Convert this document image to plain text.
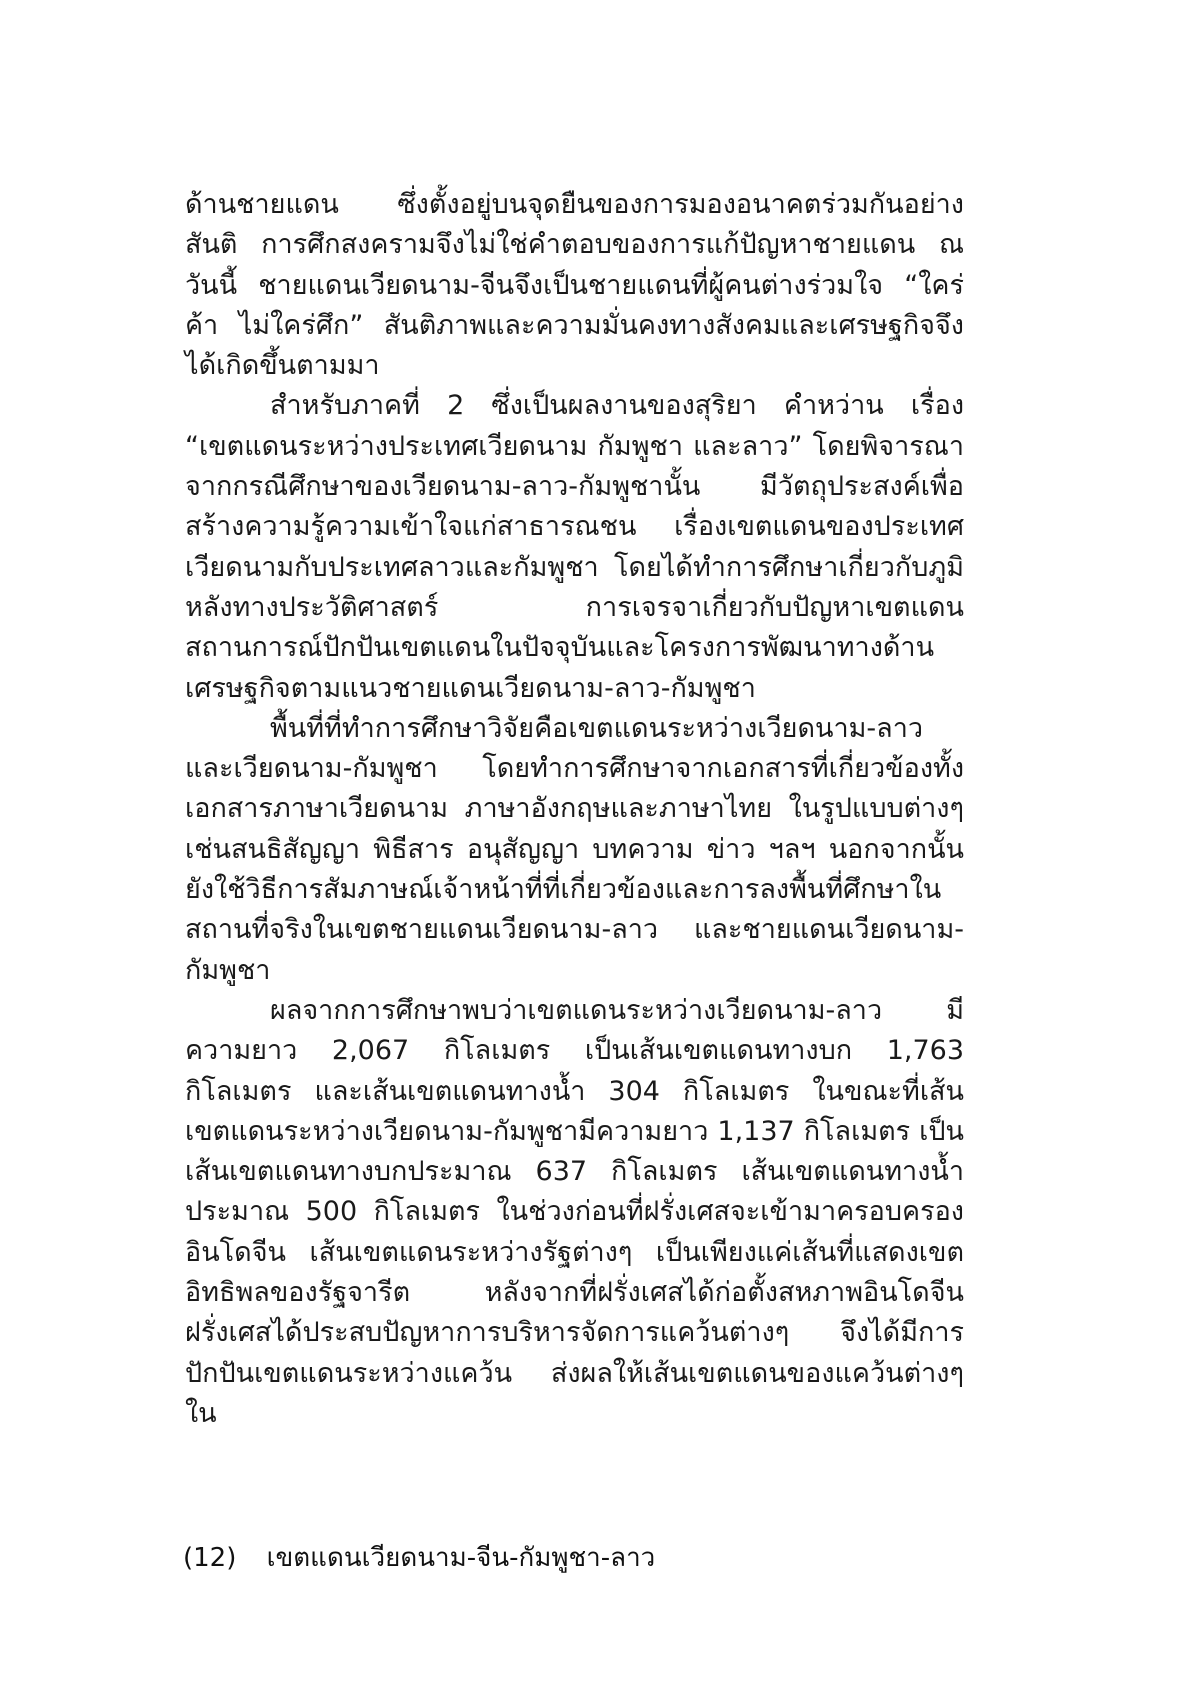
ด้านชายแดน ซึ่งตั้งอยู่บนจุดยืนของการมองอนาคตร่วมกันอย่างสันติ การศึกสงครามจึงไม่ใช่คำตอบของการแก้ปัญหาชายแดน ณ วันนี้ ชายแดนเวียดนาม-จีนจึงเป็นชายแดนที่ผู้คนต่างร่วมใจ “ใคร่ค้า ไม่ใคร่ศึก” สันติภาพและความมั่นคงทางสังคมและเศรษฐกิจจึงได้เกิดขึ้นตามมา

สำหรับภาคที่ 2 ซึ่งเป็นผลงานของสุริยา คำหว่าน เรื่อง “เขตแดนระหว่างประเทศเวียดนาม กัมพูชา และลาว” โดยพิจารณาจากกรณีศึกษาของเวียดนาม-ลาว-กัมพูชานั้น มีวัตถุประสงค์เพื่อสร้างความรู้ความเข้าใจแก่สาธารณชน เรื่องเขตแดนของประเทศเวียดนามกับประเทศลาวและกัมพูชา โดยได้ทำการศึกษาเกี่ยวกับภูมิหลังทางประวัติศาสตร์ การเจรจาเกี่ยวกับปัญหาเขตแดน สถานการณ์ปักปันเขตแดนในปัจจุบันและโครงการพัฒนาทางด้านเศรษฐกิจตามแนวชายแดนเวียดนาม-ลาว-กัมพูชา

พื้นที่ที่ทำการศึกษาวิจัยคือเขตแดนระหว่างเวียดนาม-ลาว และเวียดนาม-กัมพูชา โดยทำการศึกษาจากเอกสารที่เกี่ยวข้องทั้งเอกสารภาษาเวียดนาม ภาษาอังกฤษและภาษาไทย ในรูปแบบต่างๆ เช่นสนธิสัญญา พิธีสาร อนุสัญญา บทความ ข่าว ฯลฯ นอกจากนั้นยังใช้วิธีการสัมภาษณ์เจ้าหน้าที่ที่เกี่ยวข้องและการลงพื้นที่ศึกษาในสถานที่จริงในเขตชายแดนเวียดนาม-ลาว และชายแดนเวียดนาม-กัมพูชา

ผลจากการศึกษาพบว่าเขตแดนระหว่างเวียดนาม-ลาว มีความยาว 2,067 กิโลเมตร เป็นเส้นเขตแดนทางบก 1,763 กิโลเมตร และเส้นเขตแดนทางน้ำ 304 กิโลเมตร ในขณะที่เส้นเขตแดนระหว่างเวียดนาม-กัมพูชามีความยาว 1,137 กิโลเมตร เป็นเส้นเขตแดนทางบกประมาณ 637 กิโลเมตร เส้นเขตแดนทางน้ำประมาณ 500 กิโลเมตร ในช่วงก่อนที่ฝรั่งเศสจะเข้ามาครอบครองอินโดจีน เส้นเขตแดนระหว่างรัฐต่างๆ เป็นเพียงแค่เส้นที่แสดงเขตอิทธิพลของรัฐจารีต หลังจากที่ฝรั่งเศสได้ก่อตั้งสหภาพอินโดจีน ฝรั่งเศสได้ประสบปัญหาการบริหารจัดการแคว้นต่างๆ จึงได้มีการปักปันเขตแดนระหว่างแคว้น ส่งผลให้เส้นเขตแดนของแคว้นต่างๆ ใน

(12) เขตแดนเวียดนาม-จีน-กัมพูชา-ลาว
